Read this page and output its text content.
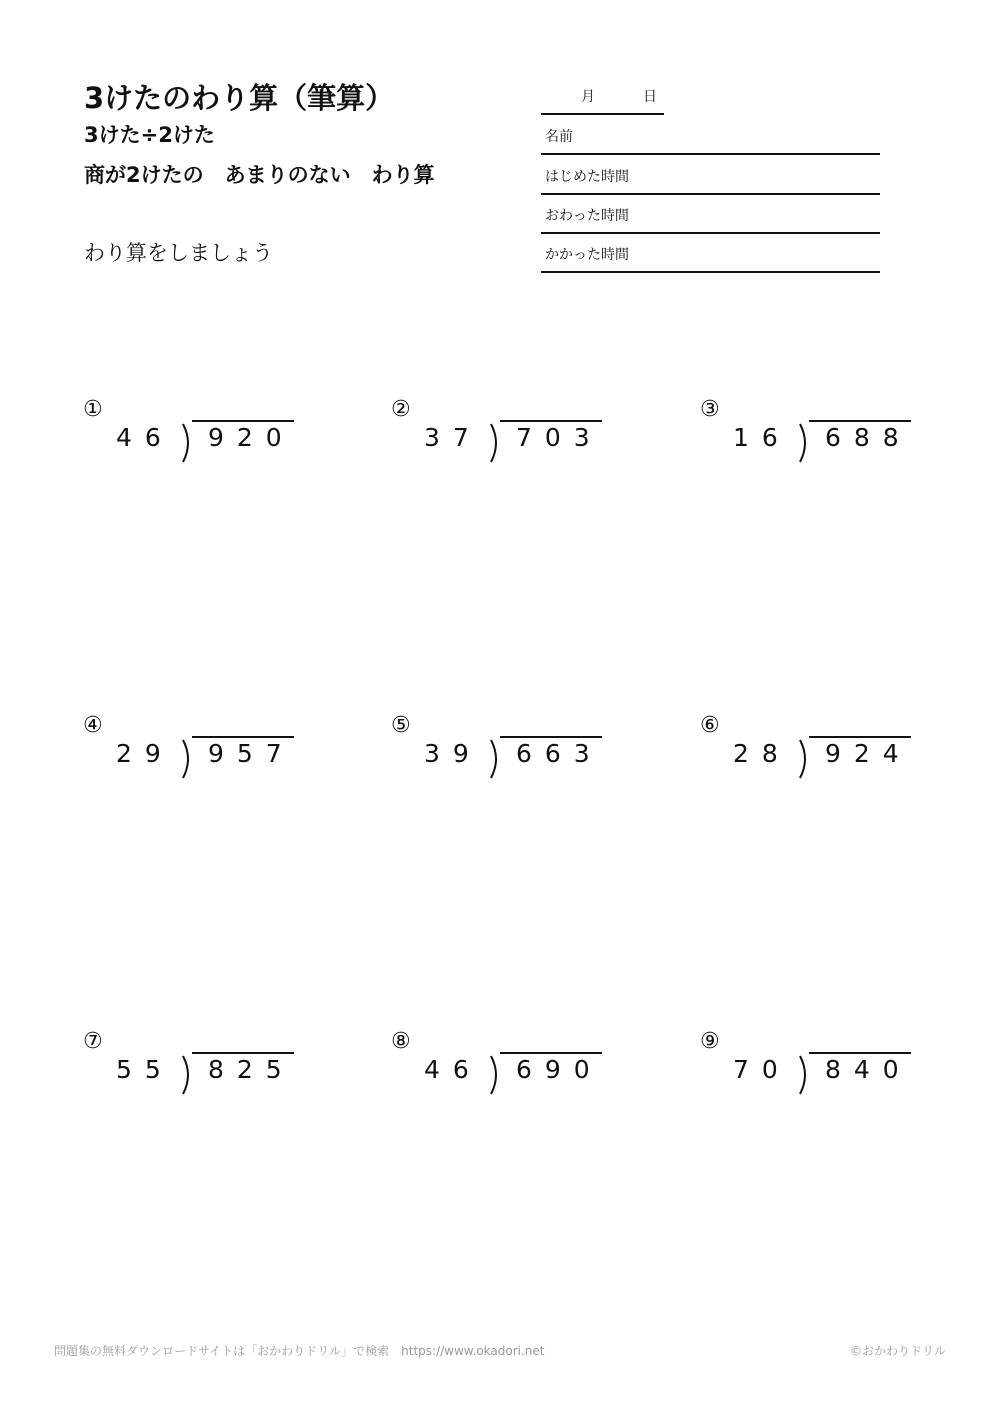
3けたのわり算（筆算）
3けた÷2けた
商が2けたの　あまりのない　わり算
わり算をしましょう
月	日
名前
はじめた時間
おわった時間
かかった時間
①
46 920
②
37 703
③
16 688
④
29 957
⑤
39 663
⑥
28 924
⑦
55 825
⑧
46 690
⑨
70 840
問題集の無料ダウンロードサイトは「おかわりドリル」で検索　https://www.okadori.net	©おかわりドリル
